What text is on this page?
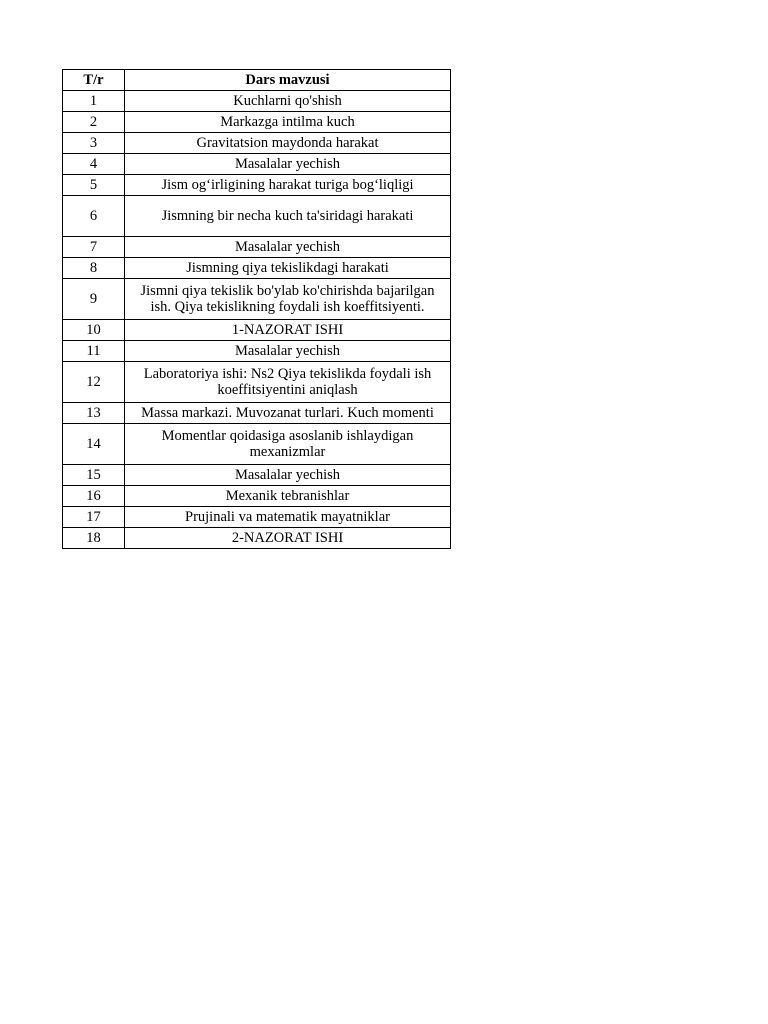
T/r	Dars mavzusi
1	Kuchlarni qo'shish
2	Markazga intilma kuch
3	Gravitatsion maydonda harakat
4	Masalalar yechish
5	Jism og‘irligining harakat turiga bog‘liqligi
6	Jismning bir necha kuch ta'siridagi harakati
7	Masalalar yechish
8	Jismning qiya tekislikdagi harakati
9	Jismni qiya tekislik bo'ylab ko'chirishda bajarilgan ish. Qiya tekislikning foydali ish koeffitsiyenti.
10	1-NAZORAT ISHI
11	Masalalar yechish
12	Laboratoriya ishi: Ns2 Qiya tekislikda foydali ish koeffitsiyentini aniqlash
13	Massa markazi. Muvozanat turlari. Kuch momenti
14	Momentlar qoidasiga asoslanib ishlaydigan mexanizmlar
15	Masalalar yechish
16	Mexanik tebranishlar
17	Prujinali va matematik mayatniklar
18	2-NAZORAT ISHI
